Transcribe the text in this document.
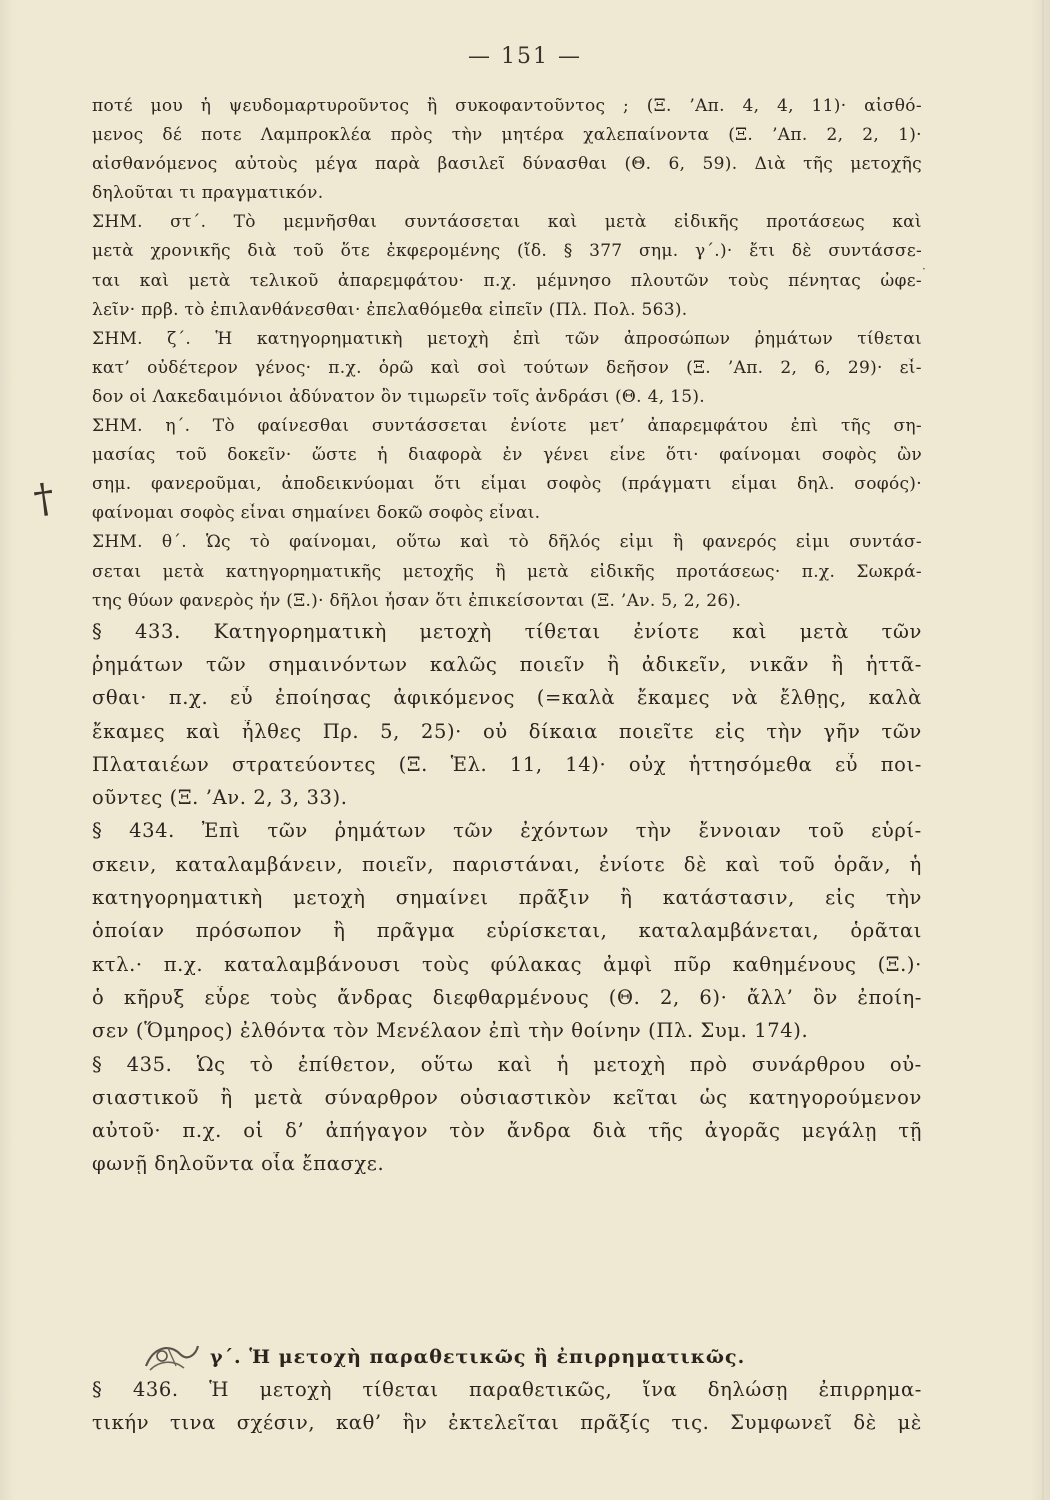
— 151 —
†
·
ποτέ μου ἡ ψευδομαρτυροῦντος ἢ συκοφαντοῦντος ; (Ξ. ’Απ. 4, 4, 11)· αἰσθό-
μενος δέ ποτε Λαμπροκλέα πρὸς τὴν μητέρα χαλεπαίνοντα (Ξ. ’Απ. 2, 2, 1)·
αἰσθανόμενος αὐτοὺς μέγα παρὰ βασιλεῖ δύνασθαι (Θ. 6, 59). Διὰ τῆς μετοχῆς
δηλοῦται τι πραγματικόν.
ΣΗΜ. στ΄. Τὸ μεμνῆσθαι συντάσσεται καὶ μετὰ εἰδικῆς προτάσεως καὶ
μετὰ χρονικῆς διὰ τοῦ ὅτε ἐκφερομένης (ἴδ. § 377 σημ. γ΄.)· ἔτι δὲ συντάσσε-
ται καὶ μετὰ τελικοῦ ἀπαρεμφάτου· π.χ. μέμνησο πλουτῶν τοὺς πένητας ὠφε-
λεῖν· πρβ. τὸ ἐπιλανθάνεσθαι· ἐπελαθόμεθα εἰπεῖν (Πλ. Πολ. 563).
ΣΗΜ. ζ΄. Ἡ κατηγορηματικὴ μετοχὴ ἐπὶ τῶν ἀπροσώπων ῥημάτων τίθεται
κατ’ οὐδέτερον γένος· π.χ. ὁρῶ καὶ σοὶ τούτων δεῆσον (Ξ. ’Απ. 2, 6, 29)· εἶ-
δον οἱ Λακεδαιμόνιοι ἀδύνατον ὂν τιμωρεῖν τοῖς ἀνδράσι (Θ. 4, 15).
ΣΗΜ. η΄. Τὸ φαίνεσθαι συντάσσεται ἐνίοτε μετ’ ἀπαρεμφάτου ἐπὶ τῆς ση-
μασίας τοῦ δοκεῖν· ὥστε ἡ διαφορὰ ἐν γένει εἶνε ὅτι· φαίνομαι σοφὸς ὢν
σημ. φανεροῦμαι, ἀποδεικνύομαι ὅτι εἶμαι σοφὸς (πράγματι εἶμαι δηλ. σοφός)·
φαίνομαι σοφὸς εἶναι σημαίνει δοκῶ σοφὸς εἶναι.
ΣΗΜ. θ΄. Ὡς τὸ φαίνομαι, οὕτω καὶ τὸ δῆλός εἰμι ἢ φανερός εἰμι συντάσ-
σεται μετὰ κατηγορηματικῆς μετοχῆς ἢ μετὰ εἰδικῆς προτάσεως· π.χ. Σωκρά-
της θύων φανερὸς ἦν (Ξ.)· δῆλοι ἦσαν ὅτι ἐπικείσονται (Ξ. ’Αν. 5, 2, 26).
§ 433. Κατηγορηματικὴ μετοχὴ τίθεται ἐνίοτε καὶ μετὰ τῶν
ῥημάτων τῶν σημαινόντων καλῶς ποιεῖν ἢ ἀδικεῖν, νικᾶν ἢ ἡττᾶ-
σθαι· π.χ. εὖ ἐποίησας ἀφικόμενος (=καλὰ ἔκαμες νὰ ἔλθῃς, καλὰ
ἔκαμες καὶ ἦλθες Πρ. 5, 25)· οὐ δίκαια ποιεῖτε εἰς τὴν γῆν τῶν
Πλαταιέων στρατεύοντες (Ξ. Ἑλ. 11, 14)· οὐχ ἡττησόμεθα εὖ ποι-
οῦντες (Ξ. ’Αν. 2, 3, 33).
§ 434. Ἐπὶ τῶν ῥημάτων τῶν ἐχόντων τὴν ἔννοιαν τοῦ εὑρί-
σκειν, καταλαμβάνειν, ποιεῖν, παριστάναι, ἐνίοτε δὲ καὶ τοῦ ὁρᾶν, ἡ
κατηγορηματικὴ μετοχὴ σημαίνει πρᾶξιν ἢ κατάστασιν, εἰς τὴν
ὁποίαν πρόσωπον ἢ πρᾶγμα εὑρίσκεται, καταλαμβάνεται, ὁρᾶται
κτλ.· π.χ. καταλαμβάνουσι τοὺς φύλακας ἀμφὶ πῦρ καθημένους (Ξ.)·
ὁ κῆρυξ εὗρε τοὺς ἄνδρας διεφθαρμένους (Θ. 2, 6)· ἄλλ’ ὃν ἐποίη-
σεν (Ὅμηρος) ἐλθόντα τὸν Μενέλαον ἐπὶ τὴν θοίνην (Πλ. Συμ. 174).
§ 435. Ὡς τὸ ἐπίθετον, οὕτω καὶ ἡ μετοχὴ πρὸ συνάρθρου οὐ-
σιαστικοῦ ἢ μετὰ σύναρθρον οὐσιαστικὸν κεῖται ὡς κατηγορούμενον
αὐτοῦ· π.χ. οἱ δ’ ἀπήγαγον τὸν ἄνδρα διὰ τῆς ἀγορᾶς μεγάλῃ τῇ
φωνῇ δηλοῦντα οἷα ἔπασχε.
γ΄. Ἡ μετοχὴ παραθετικῶς ἢ ἐπιρρηματικῶς.
§ 436. Ἡ μετοχὴ τίθεται παραθετικῶς, ἵνα δηλώσῃ ἐπιρρημα-
τικήν τινα σχέσιν, καθ’ ἣν ἐκτελεῖται πρᾶξίς τις. Συμφωνεῖ δὲ μὲ
